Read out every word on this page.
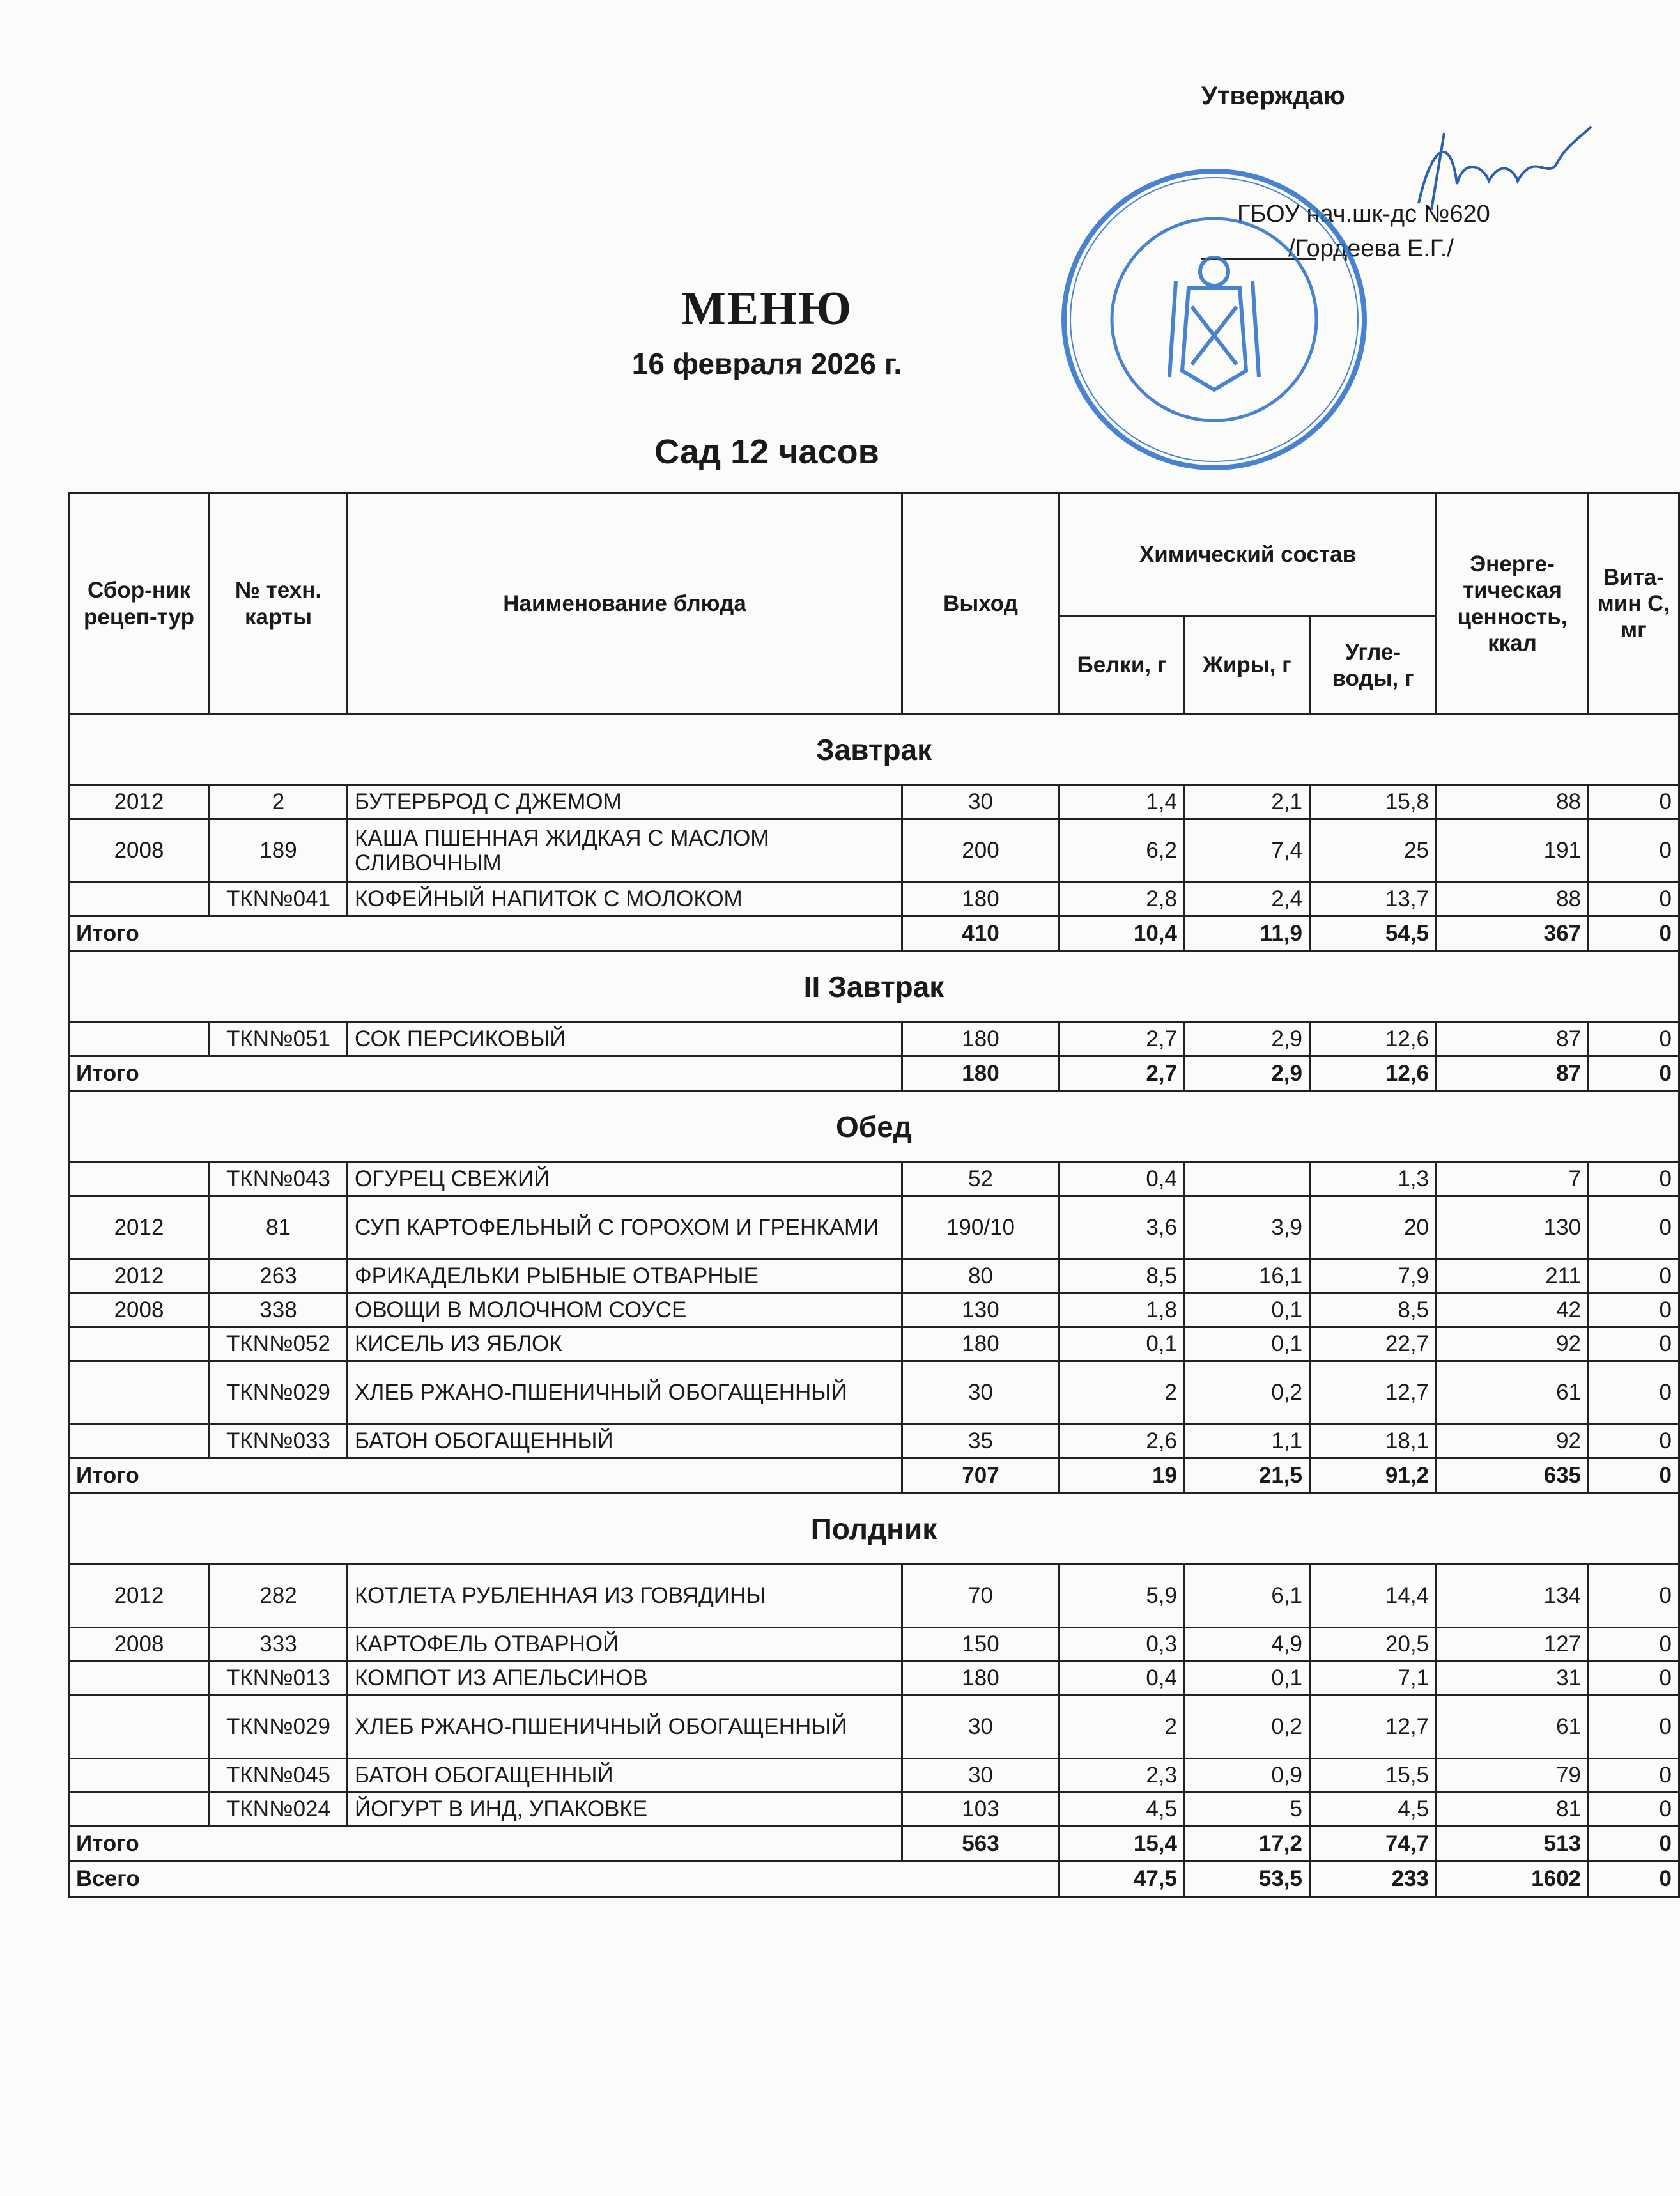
Утверждаю
ГБОУ нач.шк-дс №620
/Гордеева Е.Г./
МЕНЮ
16 февраля 2026 г.
Сад 12 часов
Сбор-ник рецеп-тур	№ техн. карты	Наименование блюда	Выход	Химический состав			Энерге-тическая ценность, ккал	Вита-мин С, мг
				Белки, г	Жиры, г	Угле-воды, г		
Завтрак								
2012	2	БУТЕРБРОД С ДЖЕМОМ	30	1,4	2,1	15,8	88	0
2008	189	КАША ПШЕННАЯ ЖИДКАЯ С МАСЛОМ СЛИВОЧНЫМ	200	6,2	7,4	25	191	0
	ТКN№041	КОФЕЙНЫЙ НАПИТОК С МОЛОКОМ	180	2,8	2,4	13,7	88	0
Итого			410	10,4	11,9	54,5	367	0
II Завтрак								
	ТКN№051	СОК ПЕРСИКОВЫЙ	180	2,7	2,9	12,6	87	0
Итого			180	2,7	2,9	12,6	87	0
Обед								
	ТКN№043	ОГУРЕЦ СВЕЖИЙ	52	0,4		1,3	7	0
2012	81	СУП КАРТОФЕЛЬНЫЙ С ГОРОХОМ И ГРЕНКАМИ	190/10	3,6	3,9	20	130	0
2012	263	ФРИКАДЕЛЬКИ РЫБНЫЕ ОТВАРНЫЕ	80	8,5	16,1	7,9	211	0
2008	338	ОВОЩИ В МОЛОЧНОМ СОУСЕ	130	1,8	0,1	8,5	42	0
	ТКN№052	КИСЕЛЬ ИЗ ЯБЛОК	180	0,1	0,1	22,7	92	0
	ТКN№029	ХЛЕБ РЖАНО-ПШЕНИЧНЫЙ ОБОГАЩЕННЫЙ	30	2	0,2	12,7	61	0
	ТКN№033	БАТОН ОБОГАЩЕННЫЙ	35	2,6	1,1	18,1	92	0
Итого			707	19	21,5	91,2	635	0
Полдник								
2012	282	КОТЛЕТА РУБЛЕННАЯ ИЗ ГОВЯДИНЫ	70	5,9	6,1	14,4	134	0
2008	333	КАРТОФЕЛЬ ОТВАРНОЙ	150	0,3	4,9	20,5	127	0
	ТКN№013	КОМПОТ ИЗ АПЕЛЬСИНОВ	180	0,4	0,1	7,1	31	0
	ТКN№029	ХЛЕБ РЖАНО-ПШЕНИЧНЫЙ ОБОГАЩЕННЫЙ	30	2	0,2	12,7	61	0
	ТКN№045	БАТОН ОБОГАЩЕННЫЙ	30	2,3	0,9	15,5	79	0
	ТКN№024	ЙОГУРТ В ИНД, УПАКОВКЕ	103	4,5	5	4,5	81	0
Итого			563	15,4	17,2	74,7	513	0
Всего				47,5	53,5	233	1602	0
